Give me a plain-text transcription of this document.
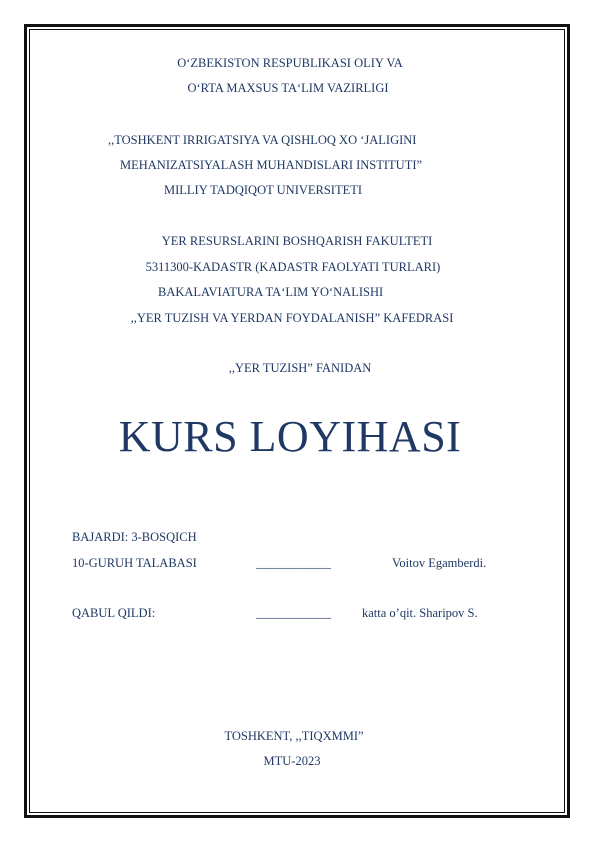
O‘ZBEKISTON RESPUBLIKASI OLIY VA
O‘RTA MAXSUS TA‘LIM VAZIRLIGI
,,TOSHKENT IRRIGATSIYA VA QISHLOQ XO ‘JALIGINI
MEHANIZATSIYALASH MUHANDISLARI INSTITUTI”
MILLIY TADQIQOT UNIVERSITETI
YER RESURSLARINI BOSHQARISH FAKULTETI
5311300-KADASTR (KADASTR FAOLYATI TURLARI)
BAKALAVIATURA TA‘LIM YO‘NALISHI
,,YER TUZISH VA YERDAN FOYDALANISH” KAFEDRASI
,,YER TUZISH” FANIDAN
KURS LOYIHASI
BAJARDI: 3-BOSQICH
10-GURUH TALABASI	____________	Voitov Egamberdi.
QABUL QILDI:	____________ katta o’qit. Sharipov S.
TOSHKENT, ,,TIQXMMI”
MTU-2023
